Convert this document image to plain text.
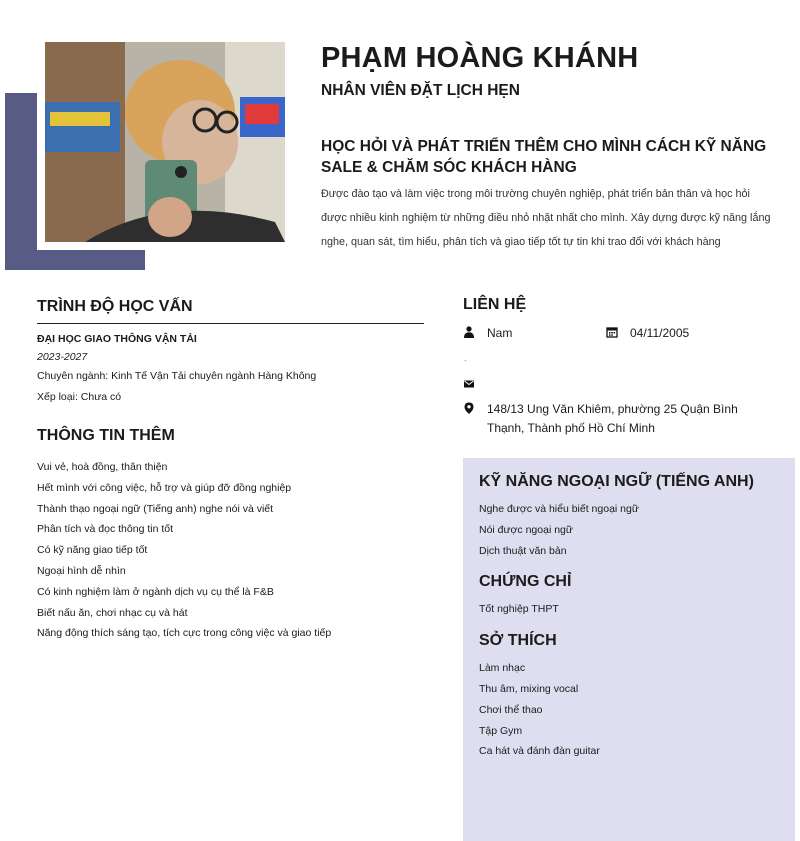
PHẠM HOÀNG KHÁNH
NHÂN VIÊN ĐẶT LỊCH HẸN
HỌC HỎI VÀ PHÁT TRIỂN THÊM CHO MÌNH CÁCH KỸ NĂNG SALE & CHĂM SÓC KHÁCH HÀNG

Được đào tạo và làm việc trong môi trường chuyên nghiệp, phát triển bản thân và học hỏi được nhiều kinh nghiệm từ những điều nhỏ nhặt nhất cho mình. Xây dựng được kỹ năng lắng nghe, quan sát, tìm hiểu, phân tích và giao tiếp tốt tự tin khi trao đổi với khách hàng

TRÌNH ĐỘ HỌC VẤN

ĐẠI HỌC GIAO THÔNG VẬN TẢI

2023-2027

Chuyên ngành: Kinh Tế Vận Tải chuyên ngành Hàng Không

Xếp loại: Chưa có

THÔNG TIN THÊM
Vui vẻ, hoà đồng, thân thiện
Hết mình với công việc, hỗ trợ và giúp đỡ đồng nghiệp
Thành thạo ngoại ngữ (Tiếng anh) nghe nói và viết
Phân tích và đọc thông tin tốt
Có kỹ năng giao tiếp tốt
Ngoại hình dễ nhìn
Có kinh nghiệm làm ở ngành dịch vụ cụ thể là F&B
Biết nấu ăn, chơi nhạc cụ và hát
Năng động thích sáng tạo, tích cực trong công việc và giao tiếp
LIÊN HỆ
Nam	04/11/2005
148/13 Ung Văn Khiêm, phường 25 Quận Bình Thạnh, Thành phố Hồ Chí Minh
KỸ NĂNG NGOẠI NGỮ (TIẾNG ANH)
Nghe được và hiểu biết ngoại ngữ
Nói được ngoại ngữ
Dịch thuật văn bản
CHỨNG CHỈ
Tốt nghiệp THPT
SỞ THÍCH
Làm nhạc
Thu âm, mixing vocal
Chơi thể thao
Tập Gym
Ca hát và đánh đàn guitar
